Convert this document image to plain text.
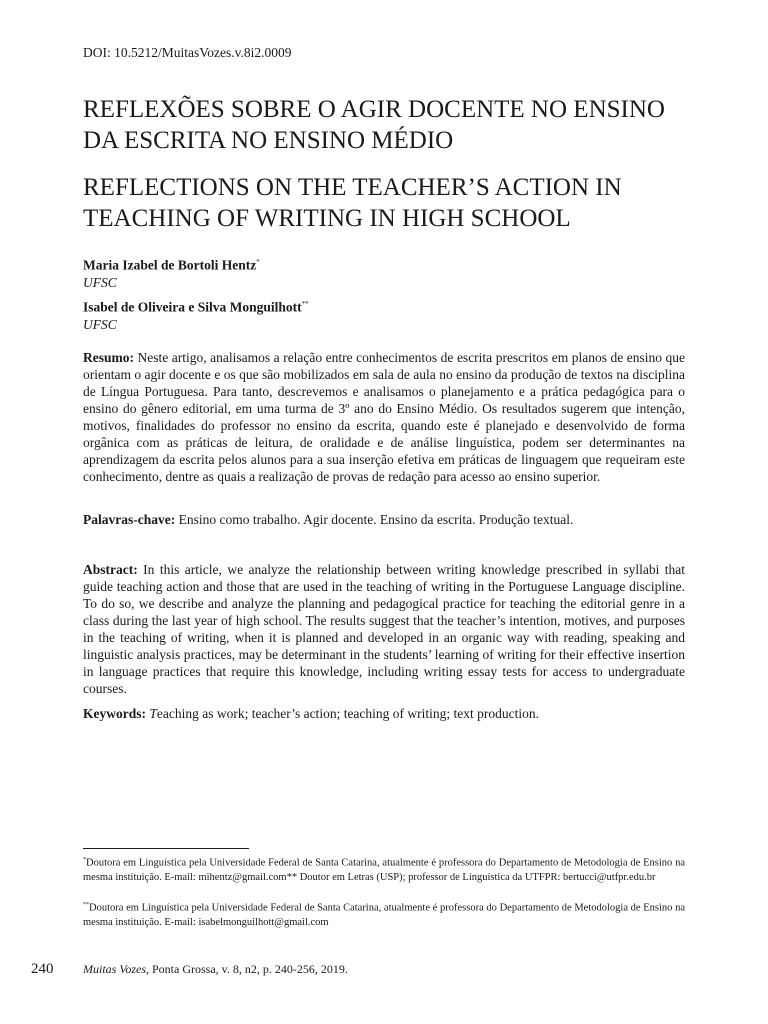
DOI: 10.5212/MuitasVozes.v.8i2.0009
REFLEXÕES SOBRE O AGIR DOCENTE NO ENSINO DA ESCRITA NO ENSINO MÉDIO
REFLECTIONS ON THE TEACHER’S ACTION IN TEACHING OF WRITING IN HIGH SCHOOL
Maria Izabel de Bortoli Hentz*
UFSC
Isabel de Oliveira e Silva Monguilhott**
UFSC

Resumo: Neste artigo, analisamos a relação entre conhecimentos de escrita prescritos em planos de ensino que orientam o agir docente e os que são mobilizados em sala de aula no ensino da produção de textos na disciplina de Língua Portuguesa. Para tanto, descrevemos e analisamos o planejamento e a prática pedagógica para o ensino do gênero editorial, em uma turma de 3º ano do Ensino Médio. Os resultados sugerem que intenção, motivos, finalidades do professor no ensino da escrita, quando este é planejado e desenvolvido de forma orgânica com as práticas de leitura, de oralidade e de análise linguística, podem ser determinantes na aprendizagem da escrita pelos alunos para a sua inserção efetiva em práticas de linguagem que requeiram este conhecimento, dentre as quais a realização de provas de redação para acesso ao ensino superior.

Palavras-chave: Ensino como trabalho. Agir docente. Ensino da escrita. Produção textual.

Abstract: In this article, we analyze the relationship between writing knowledge prescribed in syllabi that guide teaching action and those that are used in the teaching of writing in the Portuguese Language discipline. To do so, we describe and analyze the planning and pedagogical practice for teaching the editorial genre in a class during the last year of high school. The results suggest that the teacher’s intention, motives, and purposes in the teaching of writing, when it is planned and developed in an organic way with reading, speaking and linguistic analysis practices, may be determinant in the students’ learning of writing for their effective insertion in language practices that require this knowledge, including writing essay tests for access to undergraduate courses.

Keywords: Teaching as work; teacher’s action; teaching of writing; text production.

*Doutora em Linguística pela Universidade Federal de Santa Catarina, atualmente é professora do Departamento de Metodologia de Ensino na mesma instituição. E-mail: mihentz@gmail.com** Doutor em Letras (USP); professor de Linguística da UTFPR: bertucci@utfpr.edu.br

**Doutora em Linguística pela Universidade Federal de Santa Catarina, atualmente é professora do Departamento de Metodologia de Ensino na mesma instituição. E-mail: isabelmonguilhott@gmail.com

240 Muitas Vozes, Ponta Grossa, v. 8, n2, p. 240-256, 2019.
